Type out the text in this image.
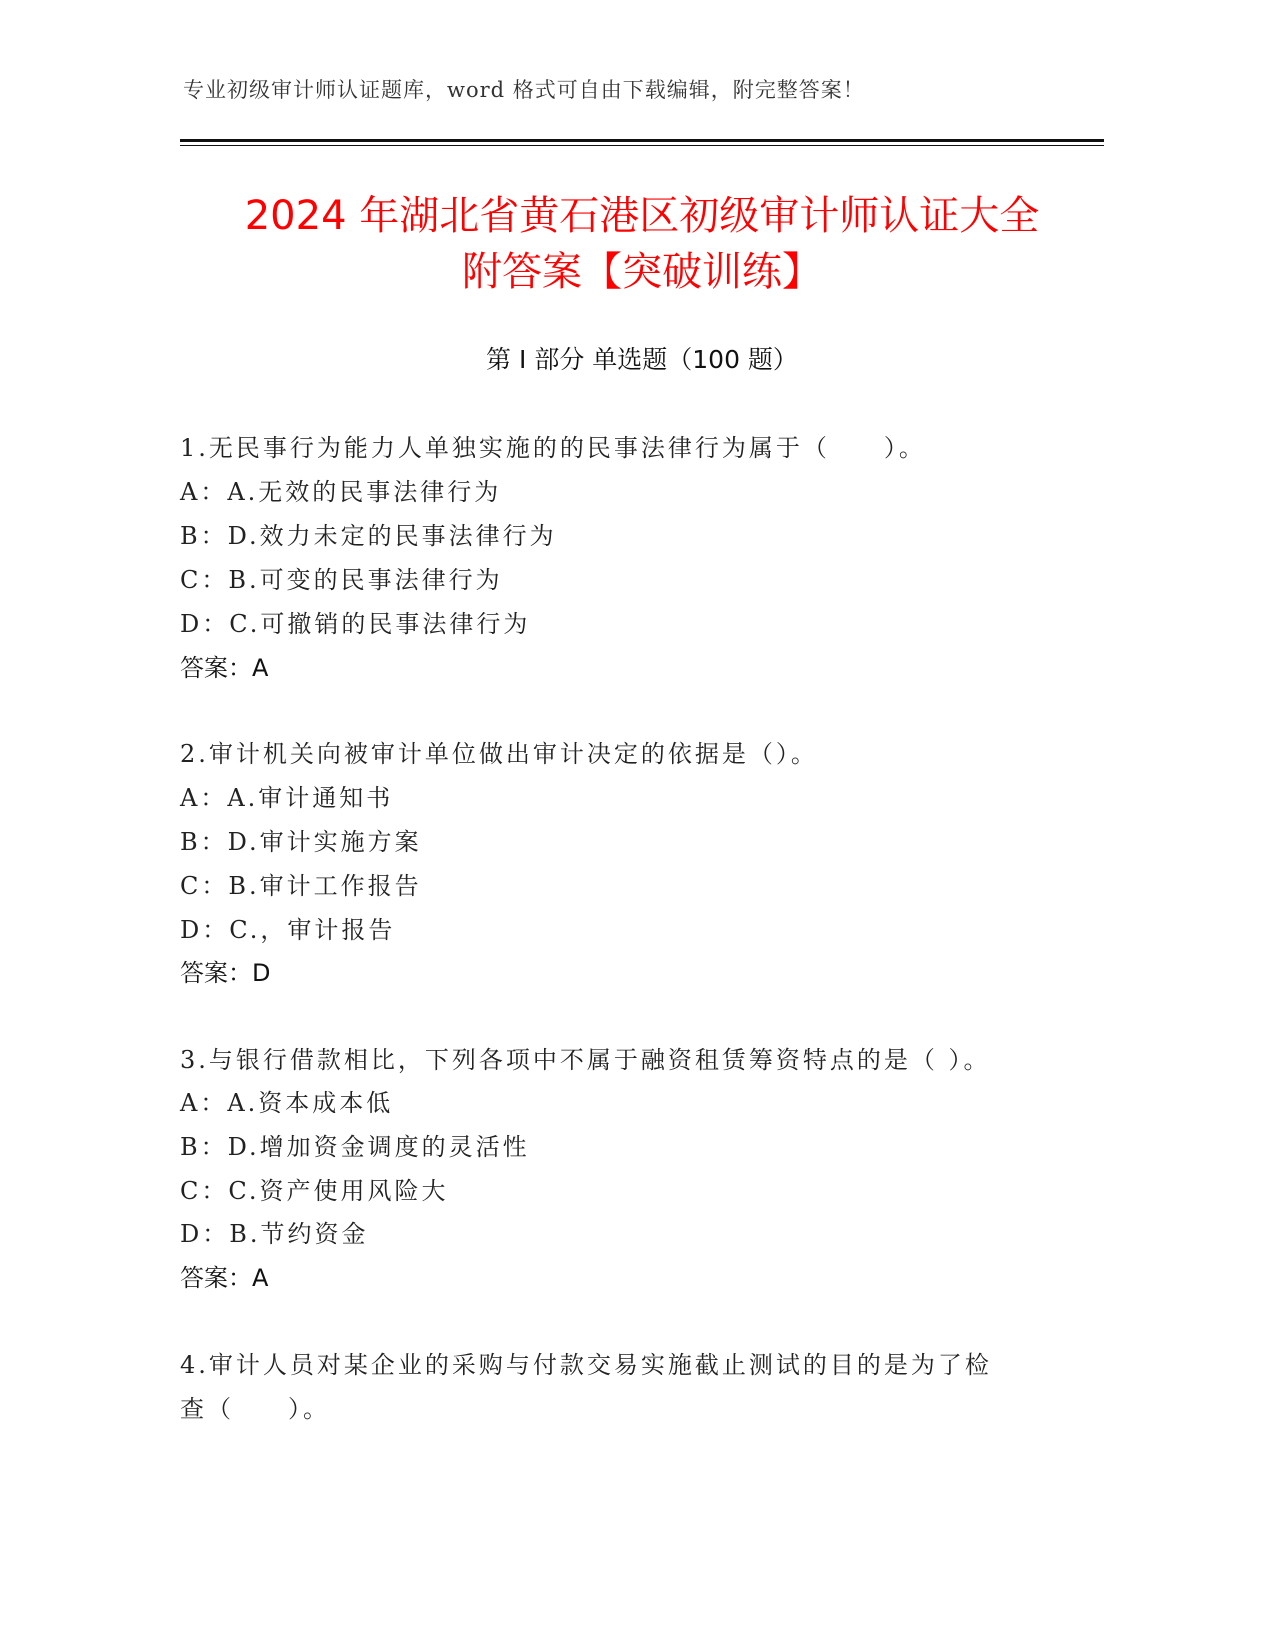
专业初级审计师认证题库，word 格式可自由下载编辑，附完整答案！
2024 年湖北省黄石港区初级审计师认证大全
附答案【突破训练】
第 I 部分 单选题（100 题）
1.无民事行为能力人单独实施的的民事法律行为属于（　　）。
A：A.无效的民事法律行为
B：D.效力未定的民事法律行为
C：B.可变的民事法律行为
D：C.可撤销的民事法律行为
答案：A
2.审计机关向被审计单位做出审计决定的依据是（）。
A：A.审计通知书
B：D.审计实施方案
C：B.审计工作报告
D：C.，审计报告
答案：D
3.与银行借款相比，下列各项中不属于融资租赁筹资特点的是（ ）。
A：A.资本成本低
B：D.增加资金调度的灵活性
C：C.资产使用风险大
D：B.节约资金
答案：A
4.审计人员对某企业的采购与付款交易实施截止测试的目的是为了检
查（　　）。
